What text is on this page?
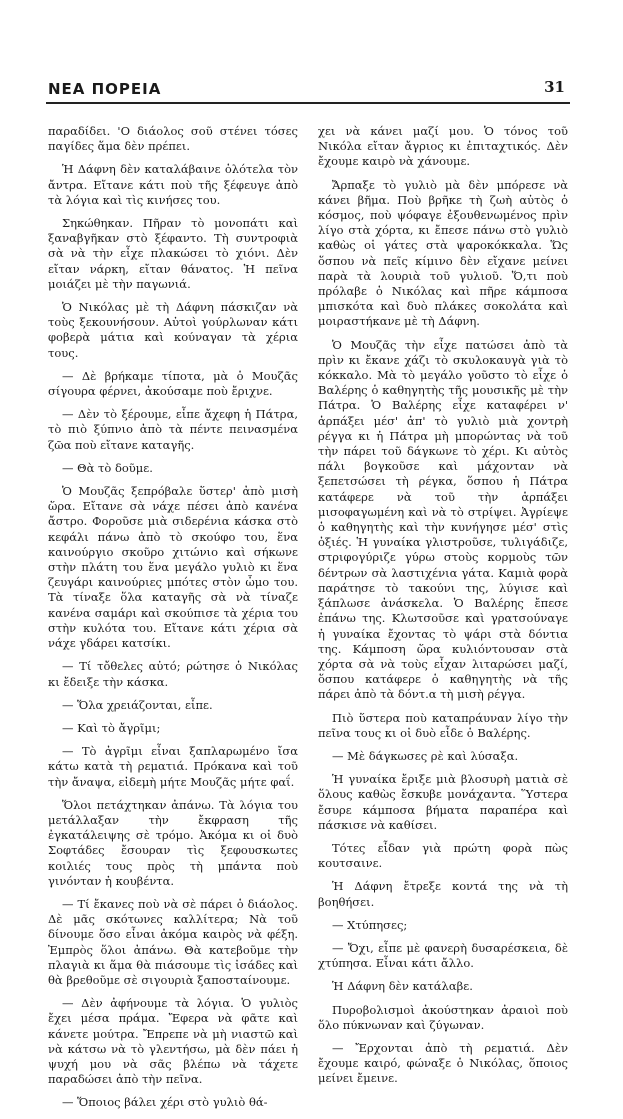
ΝΕΑ ΠΟΡΕΙΑ	31

παραδίδει. 'Ο διάολος σοῦ στένει τόσες παγίδες ἅμα δὲν πρέπει.

Ἡ Δάφνη δὲν καταλάβαινε ὁλότελα τὸν ἄντρα. Εἴτανε κάτι ποὺ τῆς ξέφευγε ἀπὸ τὰ λόγια καὶ τὶς κινήσες του.

Σηκώθηκαν. Πῆραν τὸ μονοπάτι καὶ ξαναβγῆκαν στὸ ξέφαντο. Τὴ συντροφιὰ σὰ νὰ τὴν εἶχε πλακώσει τὸ χιόνι. Δὲν εἴταν νάρκη, εἴταν θάνατος. Ἡ πεῖνα μοιάζει μὲ τὴν παγωνιά.

Ὁ Νικόλας μὲ τὴ Δάφνη πάσκιζαν νὰ τοὺς ξεκουνήσουν. Αὐτοὶ γούρλωναν κάτι φοβερὰ μάτια καὶ κούναγαν τὰ χέρια τους.

— Δὲ βρήκαμε τίποτα, μὰ ὁ Μουζᾶς σίγουρα φέρνει, ἀκούσαμε ποὺ ἔριχνε.

— Δὲν τὸ ξέρουμε, εἶπε ἄχεφη ἡ Πάτρα, τὸ πιὸ ξύπνιο ἀπὸ τὰ πέντε πεινασμένα ζῶα ποὺ εἴτανε καταγῆς.

— Θὰ τὸ δοῦμε.

Ὁ Μουζᾶς ξεπρόβαλε ὕστερ' ἀπὸ μισὴ ὥρα. Εἴτανε σὰ νάχε πέσει ἀπὸ κανένα ἄστρο. Φοροῦσε μιὰ σιδερένια κάσκα στὸ κεφάλι πάνω ἀπὸ τὸ σκούφο του, ἕνα καινούργιο σκοῦρο χιτώνιο καὶ σήκωνε στὴν πλάτη του ἕνα μεγάλο γυλιὸ κι ἕνα ζευγάρι καινούριες μπότες στὸν ὦμο του. Τὰ τίναξε ὅλα καταγῆς σὰ νὰ τίναζε κανένα σαμάρι καὶ σκούπισε τὰ χέρια του στὴν κυλότα του. Εἴτανε κάτι χέρια σὰ νάχε γδάρει κατσίκι.

— Τί τὄθελες αὐτό; ρώτησε ὁ Νικόλας κι ἔδειξε τὴν κάσκα.

— Ὅλα χρειάζονται, εἶπε.

— Καὶ τὸ ἄγρῖμι;

— Τὸ ἀγρῖμι εἶναι ξαπλαρωμένο ἴσα κάτω κατὰ τὴ ρεματιά. Πρόκανα καὶ τοῦ τὴν ἄναψα, εἰδεμὴ μήτε Μουζᾶς μήτε φαΐ.

Ὅλοι πετάχτηκαν ἀπάνω. Τὰ λόγια του μετάλλαξαν τὴν ἔκφραση τῆς ἐγκατάλειψης σὲ τρόμο. Ἀκόμα κι οἱ δυὸ Σοφτάδες ἔσουραν τὶς ξεφουσκωτες κοιλιές τους πρὸς τὴ μπάντα ποὺ γινόνταν ἡ κουβέντα.

— Τί ἔκανες ποὺ νὰ σὲ πάρει ὁ διάολος. Δὲ μᾶς σκότωνες καλλίτερα; Νὰ τοῦ δίνουμε ὅσο εἶναι ἀκόμα καιρὸς νὰ φέξη. Ἐμπρὸς ὅλοι ἀπάνω. Θὰ κατεβοῦμε τὴν πλαγιὰ κι ἅμα θὰ πιάσουμε τὶς ἰσάδες καὶ θὰ βρεθοῦμε σὲ σιγουριὰ ξαποσταίνουμε.

— Δὲν ἀφήνουμε τὰ λόγια. Ὁ γυλιὸς ἔχει μέσα πράμα. Ἔφερα νὰ φᾶτε καὶ κάνετε μούτρα. Ἔπρεπε νὰ μὴ νιαστῶ καὶ νὰ κάτσω νὰ τὸ γλεντήσω, μὰ δὲν πάει ἡ ψυχή μου νὰ σᾶς βλέπω νὰ τάχετε παραδώσει ἀπὸ τὴν πεῖνα.

— Ὅποιος βάλει χέρι στὸ γυλιὸ θά-

χει νὰ κάνει μαζί μου. Ὁ τόνος τοῦ Νικόλα εἴταν ἄγριος κι ἐπιταχτικός. Δὲν ἔχουμε καιρὸ νὰ χάνουμε.

Ἄρπαξε τὸ γυλιὸ μὰ δὲν μπόρεσε νὰ κάνει βῆμα. Ποὺ βρῆκε τὴ ζωὴ αὐτὸς ὁ κόσμος, ποὺ ψόφαγε ἐξουθενωμένος πρὶν λίγο στὰ χόρτα, κι ἔπεσε πάνω στὸ γυλιὸ καθὼς οἱ γάτες στὰ ψαροκόκκαλα. Ὥς ὅσπου νὰ πεῖς κίμινο δὲν εἴχανε μείνει παρὰ τὰ λουριὰ τοῦ γυλιοῦ. Ὅ,τι ποὺ πρόλαβε ὁ Νικόλας καὶ πῆρε κάμποσα μπισκότα καὶ δυὸ πλάκες σοκολάτα καὶ μοιραστήκανε μὲ τὴ Δάφνη.

Ὁ Μουζᾶς τὴν εἶχε πατώσει ἀπὸ τὰ πρὶν κι ἔκανε χάζι τὸ σκυλοκαυγὰ γιὰ τὸ κόκκαλο. Μὰ τὸ μεγάλο γοῦστο τὸ εἶχε ὁ Βαλέρης ὁ καθηγητὴς τῆς μουσικῆς μὲ τὴν Πάτρα. Ὁ Βαλέρης εἶχε καταφέρει ν' ἁρπάξει μέσ' ἀπ' τὸ γυλιὸ μιὰ χοντρὴ ρέγγα κι ἡ Πάτρα μὴ μπορώντας νὰ τοῦ τὴν πάρει τοῦ δάγκωνε τὸ χέρι. Κι αὐτὸς πάλι βογκοῦσε καὶ μάχονταν νὰ ξεπετσώσει τὴ ρέγκα, ὅσπου ἡ Πάτρα κατάφερε νὰ τοῦ τὴν ἁρπάξει μισοφαγωμένη καὶ νὰ τὸ στρίψει. Ἀγρίεψε ὁ καθηγητὴς καὶ τὴν κυνήγησε μέσ' στὶς ὀξιές. Ἡ γυναίκα γλιστροῦσε, τυλιγάδιζε, στριφογύριζε γύρω στοὺς κορμοὺς τῶν δέντρων σὰ λαστιχένια γάτα. Καμιὰ φορὰ παράτησε τὸ τακούνι της, λύγισε καὶ ξάπλωσε ἀνάσκελα. Ὁ Βαλέρης ἔπεσε ἐπάνω της. Κλωτσοῦσε καὶ γρατσούναγε ἡ γυναίκα ἔχοντας τὸ ψάρι στὰ δόντια της. Κάμποση ὥρα κυλιόντουσαν στὰ χόρτα σὰ νὰ τοὺς εἶχαν λιταρώσει μαζί, ὅσπου κατάφερε ὁ καθηγητὴς νὰ τῆς πάρει ἀπὸ τὰ δόντ.α τὴ μισὴ ρέγγα.

Πιὸ ὕστερα ποὺ καταπράυναν λίγο τὴν πεῖνα τους κι οἱ δυὸ εἶδε ὁ Βαλέρης.

— Μὲ δάγκωσες ρὲ καὶ λύσαξα.

Ἡ γυναίκα ἔριξε μιὰ βλοσυρὴ ματιὰ σὲ ὅλους καθὼς ἔσκυβε μονάχαντα. Ὕστερα ἔσυρε κάμποσα βήματα παραπέρα καὶ πάσκισε νὰ καθίσει.

Τότες εἶδαν γιὰ πρώτη φορὰ πὼς κουτσαινε.

Ἡ Δάφνη ἔτρεξε κοντά της νὰ τὴ βοηθήσει.

— Χτύπησες;

— Ὄχι, εἶπε μὲ φανερὴ δυσαρέσκεια, δὲ χτύπησα. Εἶναι κάτι ἄλλο.

Ἡ Δάφνη δὲν κατάλαβε.

Πυροβολισμοὶ ἀκούστηκαν ἀραιοὶ ποὺ ὅλο πύκνωναν καὶ ζύγωναν.

— Ἔρχονται ἀπὸ τὴ ρεματιά. Δὲν ἔχουμε καιρό, φώναξε ὁ Νικόλας, ὅποιος μείνει ἔμεινε.
